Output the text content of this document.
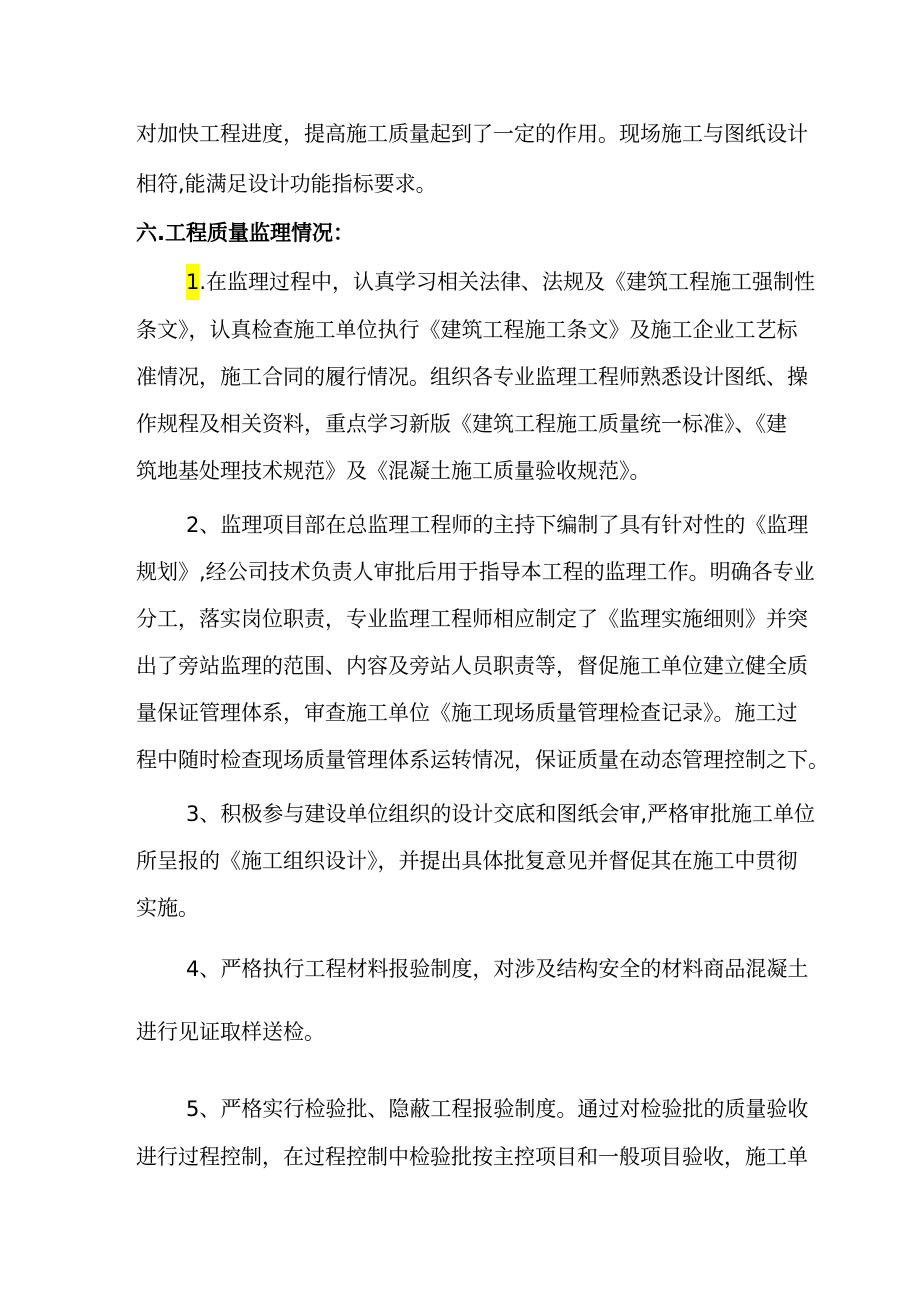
对加快工程进度，提高施工质量起到了一定的作用。现场施工与图纸设计
相符,能满足设计功能指标要求。
六.工程质量监理情况：
1.在监理过程中，认真学习相关法律、法规及《建筑工程施工强制性
条文》，认真检查施工单位执行《建筑工程施工条文》及施工企业工艺标
准情况，施工合同的履行情况。组织各专业监理工程师熟悉设计图纸、操
作规程及相关资料，重点学习新版《建筑工程施工质量统一标准》、《建
筑地基处理技术规范》及《混凝土施工质量验收规范》。
2、监理项目部在总监理工程师的主持下编制了具有针对性的《监理
规划》,经公司技术负责人审批后用于指导本工程的监理工作。明确各专业
分工，落实岗位职责，专业监理工程师相应制定了《监理实施细则》并突
出了旁站监理的范围、内容及旁站人员职责等，督促施工单位建立健全质
量保证管理体系，审查施工单位《施工现场质量管理检查记录》。施工过
程中随时检查现场质量管理体系运转情况，保证质量在动态管理控制之下。
3、积极参与建设单位组织的设计交底和图纸会审,严格审批施工单位
所呈报的《施工组织设计》，并提出具体批复意见并督促其在施工中贯彻
实施。
4、严格执行工程材料报验制度，对涉及结构安全的材料商品混凝土
进行见证取样送检。
5、严格实行检验批、隐蔽工程报验制度。通过对检验批的质量验收
进行过程控制，在过程控制中检验批按主控项目和一般项目验收，施工单
